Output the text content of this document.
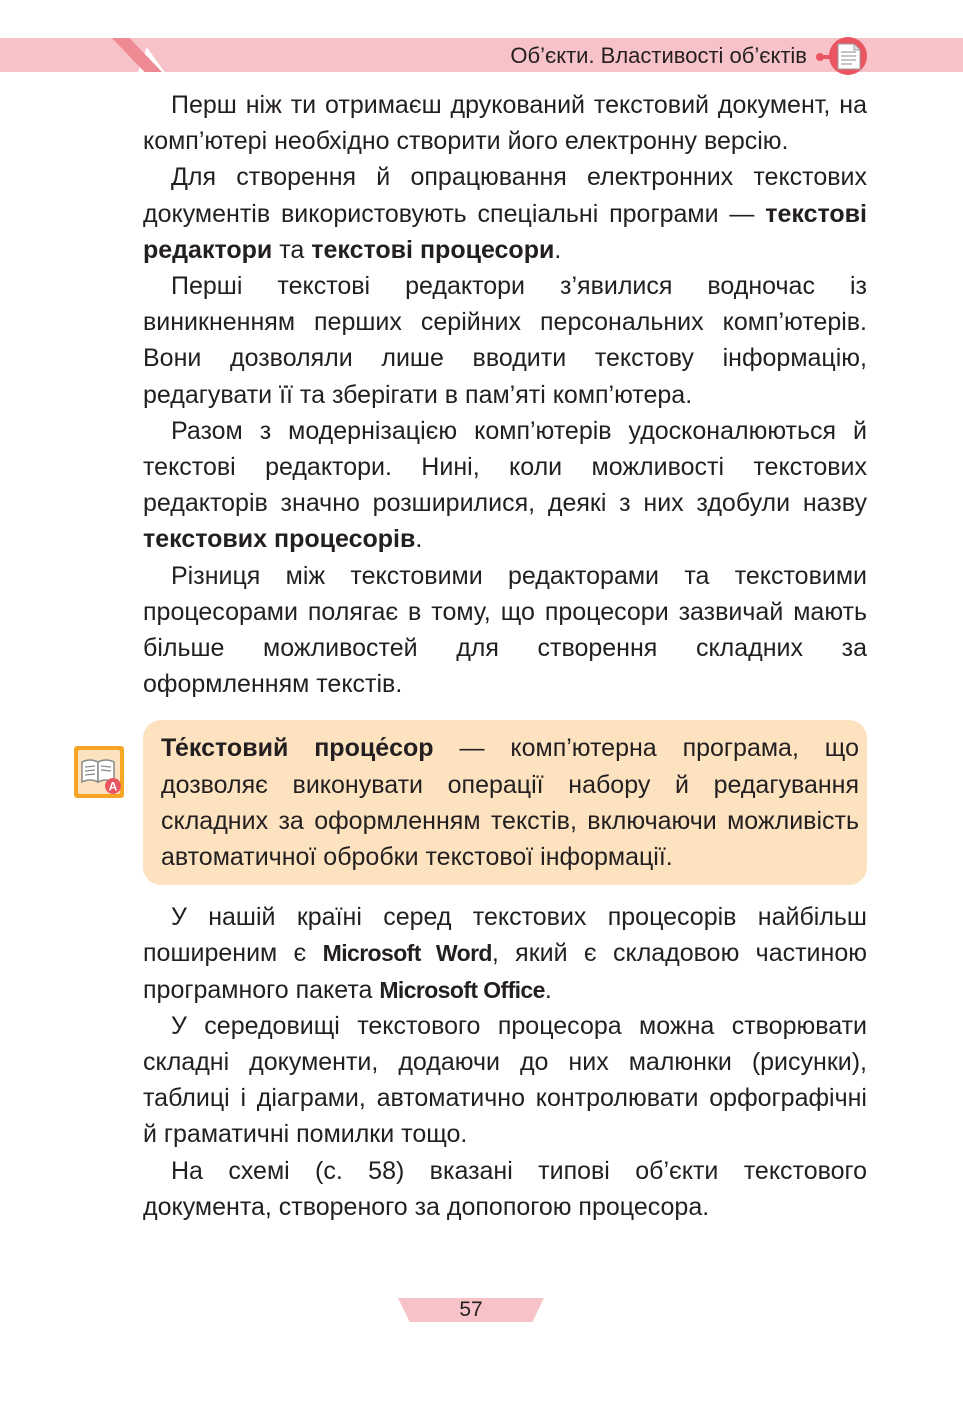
Об’єкти. Властивості об’єктів
A

Перш ніж ти отримаєш друкований текстовий документ, на комп’ютері необхідно створити його електронну версію.

Для створення й опрацювання електронних текстових документів використовують спеціальні програми — текстові редактори та текстові процесори.

Перші текстові редактори з’явилися водночас із виникненням перших серійних персональних комп’ютерів. Вони дозволяли лише вводити текстову інформацію, редагувати її та зберігати в пам’яті комп’ютера.

Разом з модернізацією комп’ютерів удосконалюються й текстові редактори. Нині, коли можливості текстових редакторів значно розширилися, деякі з них здобули назву текстових процесорів.

Різниця між текстовими редакторами та текстовими процесорами полягає в тому, що процесори зазвичай мають більше можливостей для створення складних за оформленням текстів.

Те́кстовий проце́сор — комп’ютерна програма, що дозволяє виконувати операції набору й редагування складних за оформленням текстів, включаючи можливість автоматичної обробки текстової інформації.

У нашій країні серед текстових процесорів найбільш поширеним є Microsoft Word, який є складовою частиною програмного пакета Microsoft Office.

У середовищі текстового процесора можна створювати складні документи, додаючи до них малюнки (рисунки), таблиці і діаграми, автоматично контролювати орфографічні й граматичні помилки тощо.

На схемі (с. 58) вказані типові об’єкти текстового документа, створеного за допопогою процесора.

57
